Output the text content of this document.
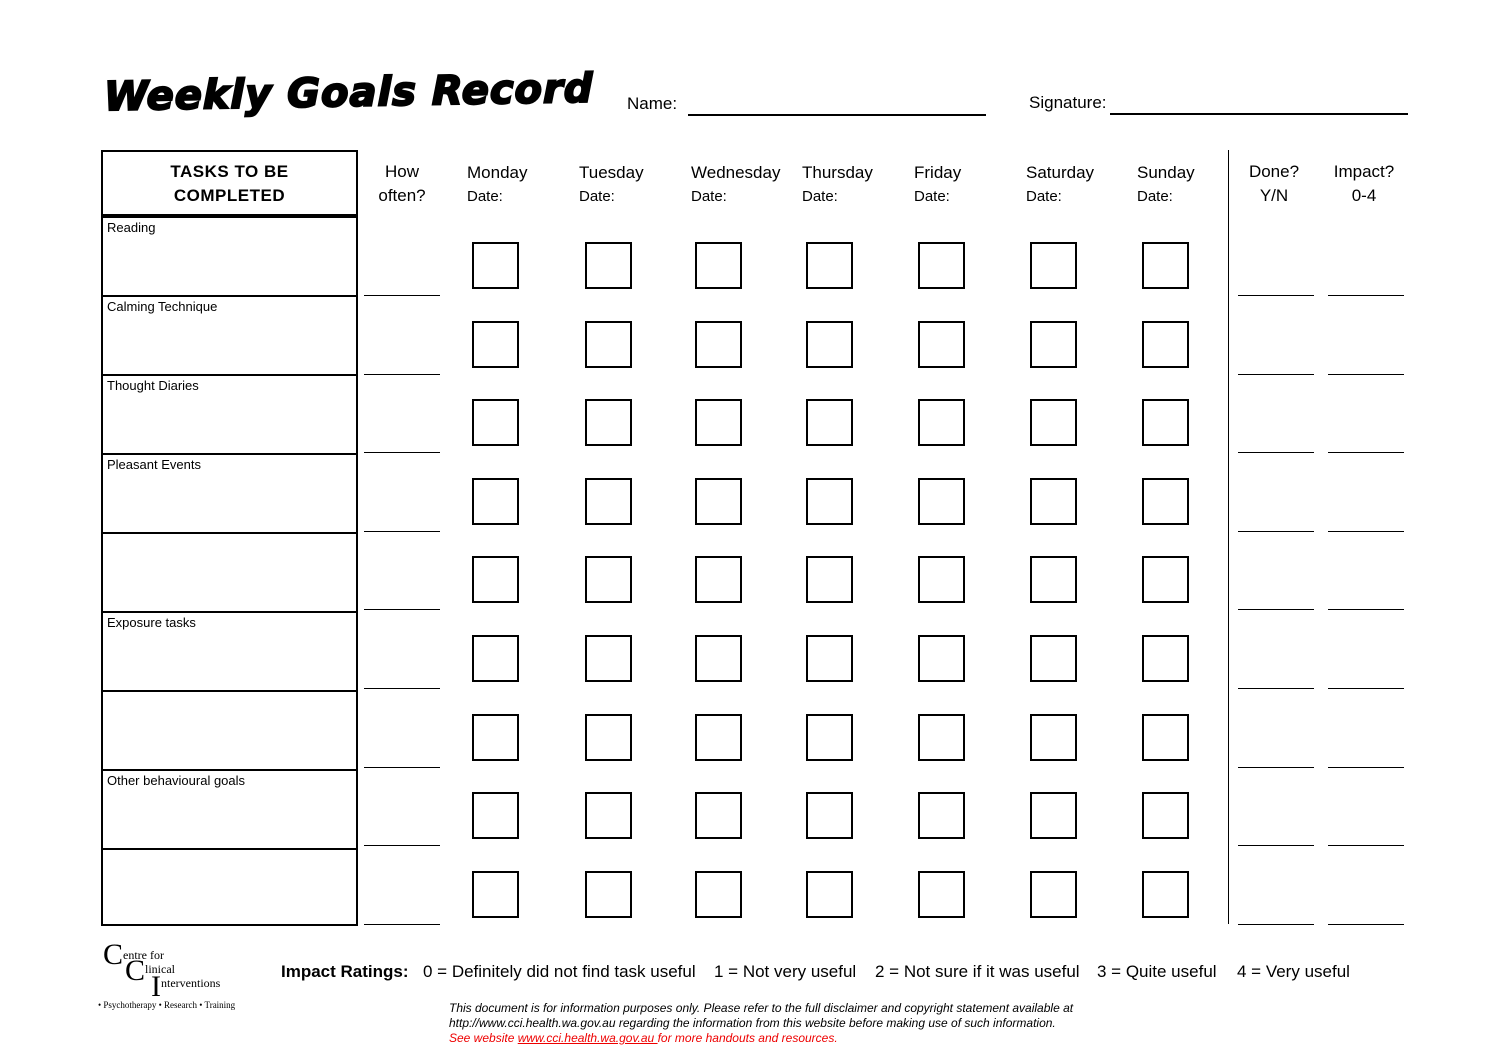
Weekly Goals Record Name:	Signature:
TASKS TO BE
COMPLETED
Reading
Calming Technique
Thought Diaries
Pleasant Events
Exposure tasks
Other behavioural goals
How
often?
Monday
Date:
Tuesday
Date:
Wednesday
Date:
Thursday
Date:
Friday
Date:
Saturday
Date:
Sunday
Date:
Done?
Y/N
Impact?
0-4
C entre for
C linical
I nterventions
• Psychotherapy • Research • Training
Impact Ratings: 0 = Definitely did not find task useful 1 = Not very useful 2 = Not sure if it was useful 3 = Quite useful 4 = Very useful
This document is for information purposes only. Please refer to the full disclaimer and copyright statement available at
http://www.cci.health.wa.gov.au regarding the information from this website before making use of such information.
See website www.cci.health.wa.gov.au for more handouts and resources.
